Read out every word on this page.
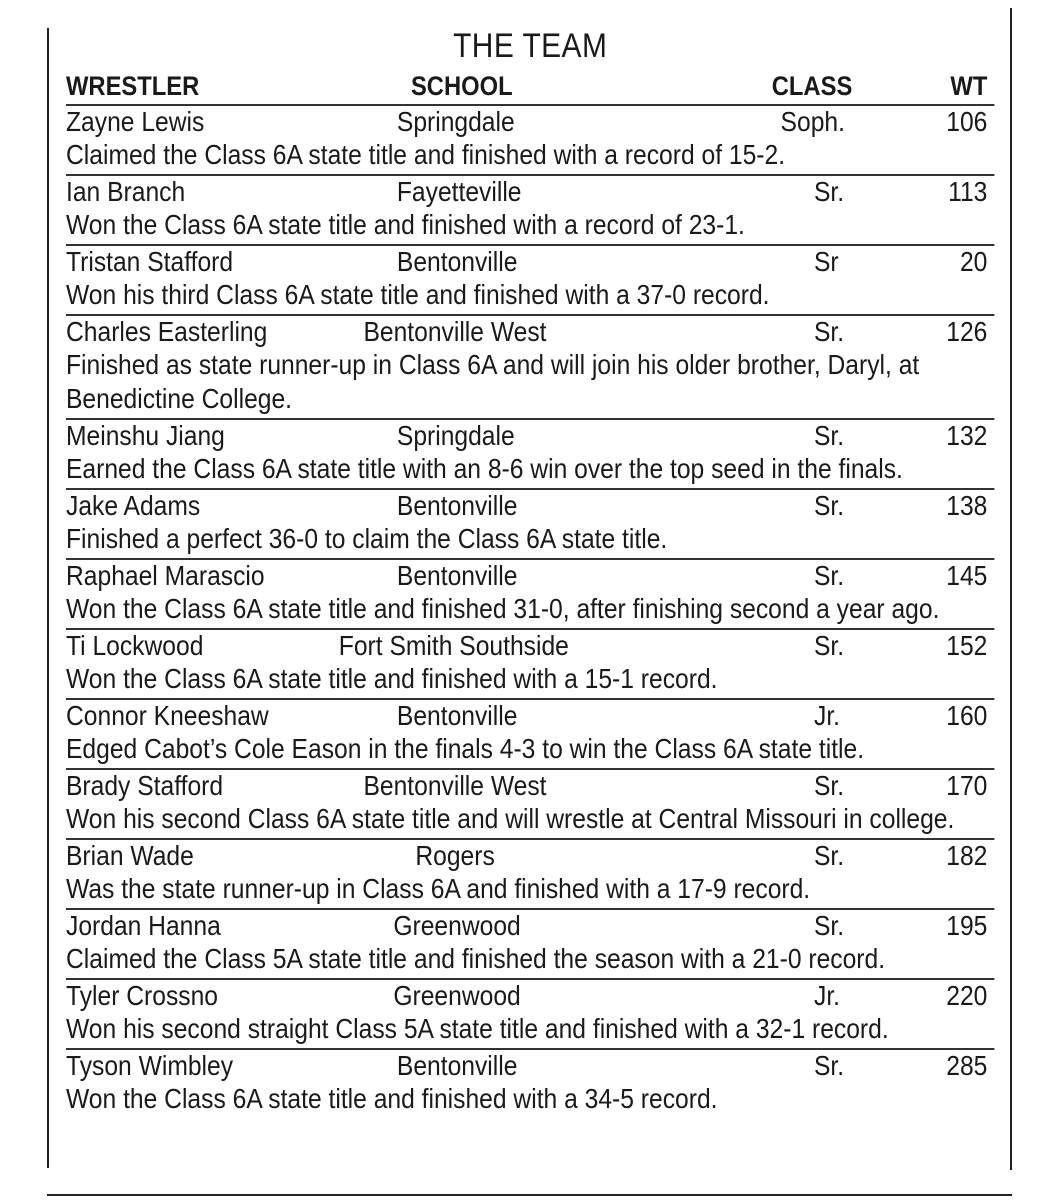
THE TEAM
WRESTLER	SCHOOL	CLASS	WT
Zayne Lewis	Springdale	Soph.	106

Claimed the Class 6A state title and finished with a record of 15-2.

Ian Branch	Fayetteville	Sr.	113

Won the Class 6A state title and finished with a record of 23-1.

Tristan Stafford	Bentonville	Sr	20

Won his third Class 6A state title and finished with a 37-0 record.

Charles Easterling	Bentonville West	Sr.	126

Finished as state runner-up in Class 6A and will join his older brother, Daryl, at Benedictine College.

Meinshu Jiang	Springdale	Sr.	132

Earned the Class 6A state title with an 8-6 win over the top seed in the finals.

Jake Adams	Bentonville	Sr.	138

Finished a perfect 36-0 to claim the Class 6A state title.

Raphael Marascio	Bentonville	Sr.	145

Won the Class 6A state title and finished 31-0, after finishing second a year ago.

Ti Lockwood	Fort Smith Southside	Sr.	152

Won the Class 6A state title and finished with a 15-1 record.

Connor Kneeshaw	Bentonville	Jr.	160

Edged Cabot’s Cole Eason in the finals 4-3 to win the Class 6A state title.

Brady Stafford	Bentonville West	Sr.	170

Won his second Class 6A state title and will wrestle at Central Missouri in college.

Brian Wade	Rogers	Sr.	182

Was the state runner-up in Class 6A and finished with a 17-9 record.

Jordan Hanna	Greenwood	Sr.	195

Claimed the Class 5A state title and finished the season with a 21-0 record.

Tyler Crossno	Greenwood	Jr.	220

Won his second straight Class 5A state title and finished with a 32-1 record.

Tyson Wimbley	Bentonville	Sr.	285

Won the Class 6A state title and finished with a 34-5 record.
